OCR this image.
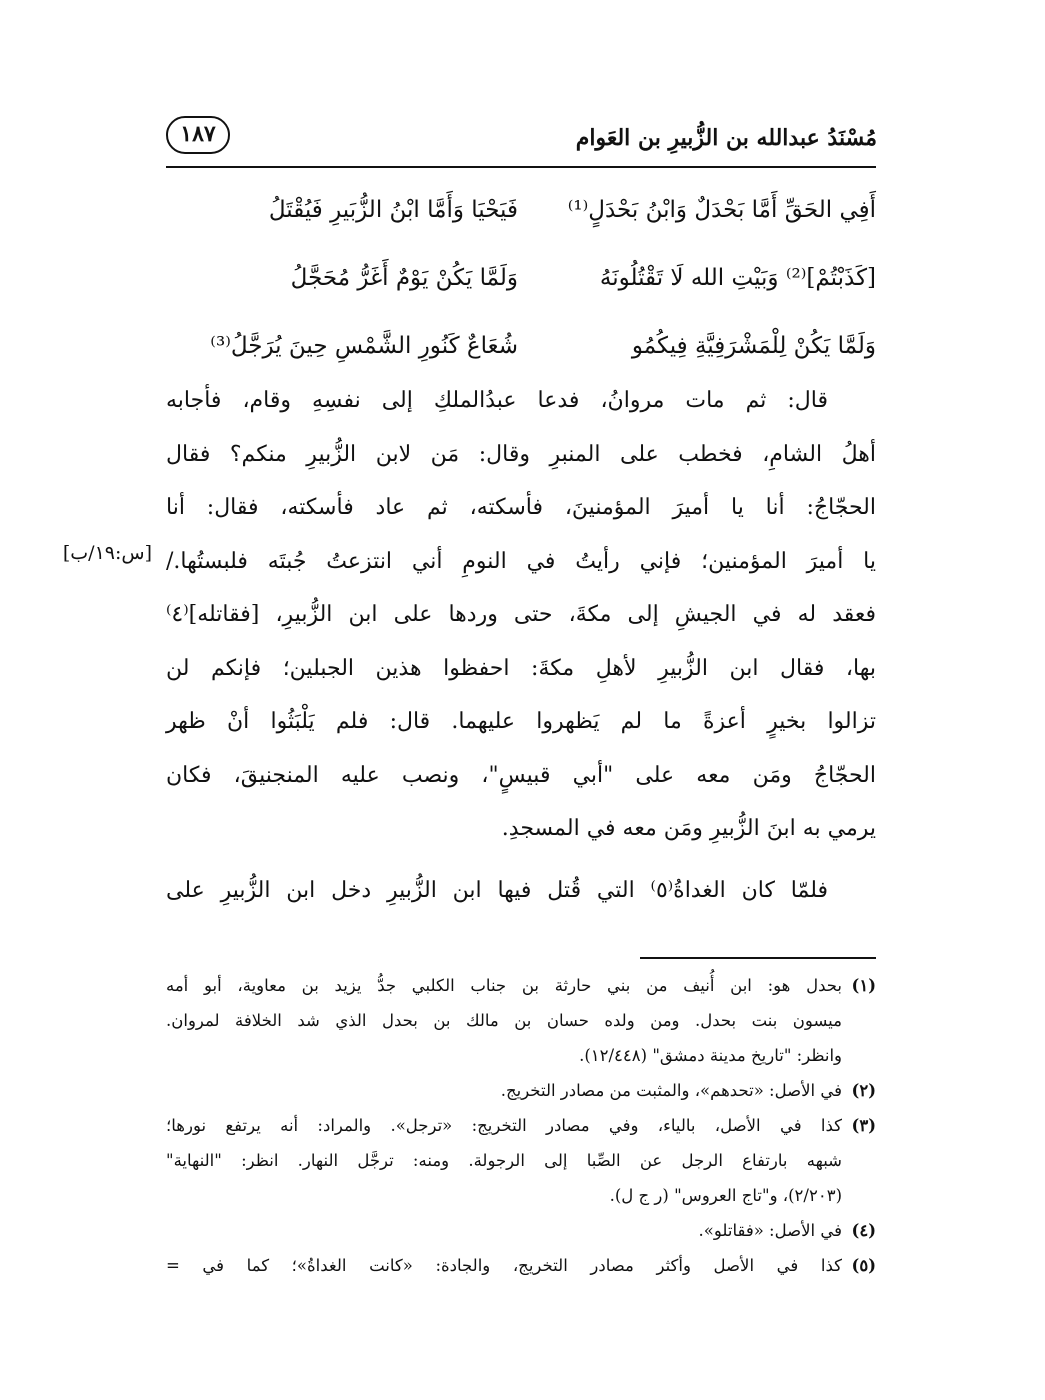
مُسْنَدُ عبدالله بن الزُّبيرِ بن العَوام
١٨٧
أَفِي الحَقِّ أَمَّا بَحْدَلٌ وَابْنُ بَحْدَلٍ⁽¹⁾
فَيَحْيَا وَأَمَّا ابْنُ الزُّبَيرِ فَيُقْتَلُ
[كَذَبْتُمْ]⁽²⁾ وَبَيْتِ الله لَا تَقْتُلُونَهُ
وَلَمَّا يَكُنْ يَوْمٌ أَغَرُّ مُحَجَّلُ
وَلَمَّا يَكُنْ لِلْمَشْرَفِيَّةِ فِيكُمُو
شُعَاعٌ كَنُورِ الشَّمْسِ حِينَ يُرَجَّلُ⁽³⁾
قال: ثم مات مروانُ، فدعا عبدُالملكِ إلى نفسِهِ وقام، فأجابه
أهلُ الشامِ، فخطب على المنبرِ وقال: مَن لابن الزُّبيرِ منكم؟ فقال
الحجّاجُ: أنا يا أميرَ المؤمنينَ، فأسكته، ثم عاد فأسكته، فقال: أنا
يا أميرَ المؤمنين؛ فإني رأيتُ في النومِ أني انتزعتُ جُبتَه فلبستُها./
فعقد له في الجيشِ إلى مكةَ، حتى وردها على ابن الزُّبيرِ، [فقاتله]⁽٤⁾
بها، فقال ابن الزُّبيرِ لأهلِ مكةَ: احفظوا هذين الجبلين؛ فإنكم لن
تزالوا بخيرٍ أعزةً ما لم يَظهروا عليهما. قال: فلم يَلْبَثُوا أنْ ظهر
الحجّاجُ ومَن معه على "أبي قبيسٍ"، ونصب عليه المنجنيقَ، فكان
يرمي به ابنَ الزُّبيرِ ومَن معه في المسجدِ.
فلمّا كان الغداةُ⁽٥⁾ التي قُتل فيها ابن الزُّبيرِ دخل ابن الزُّبيرِ على
[س:١٩/ب]
(١)
بحدل هو: ابن أُنيف من بني حارثة بن جناب الكلبي جدُّ يزيد بن معاوية، أبو أمه
ميسون بنت بحدل. ومن ولده حسان بن مالك بن بحدل الذي شد الخلافة لمروان.
وانظر: "تاريخ مدينة دمشق" (١٢/٤٤٨).
(٢)
في الأصل: «تحدهم»، والمثبت من مصادر التخريج.
(٣)
كذا في الأصل، بالياء، وفي مصادر التخريج: «ترجل». والمراد: أنه يرتفع نورها؛
شبهه بارتفاع الرجل عن الصِّبا إلى الرجولة. ومنه: ترجَّل النهار. انظر: "النهاية"
(٢/٢٠٣)، و"تاج العروس" (ر ج ل).
(٤)
في الأصل: «فقاتلو».
(٥)
كذا في الأصل وأكثر مصادر التخريج، والجادة: «كانت الغداةُ»؛ كما في =
